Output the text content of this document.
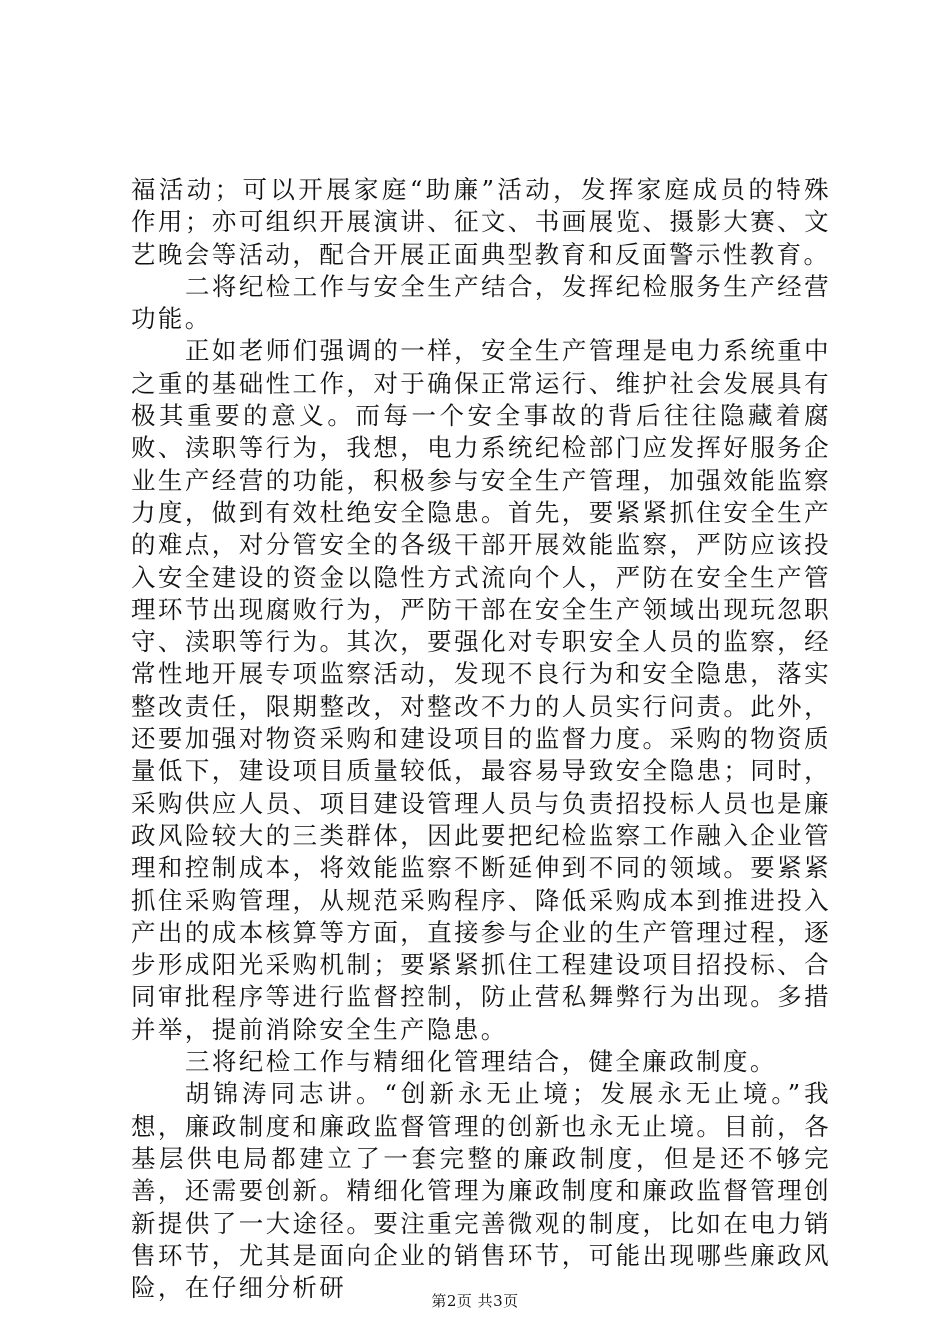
福活动；可以开展家庭“助廉”活动，发挥家庭成员的特殊作用；亦可组织开展演讲、征文、书画展览、摄影大赛、文艺晚会等活动，配合开展正面典型教育和反面警示性教育。

二将纪检工作与安全生产结合，发挥纪检服务生产经营功能。

正如老师们强调的一样，安全生产管理是电力系统重中之重的基础性工作，对于确保正常运行、维护社会发展具有极其重要的意义。而每一个安全事故的背后往往隐藏着腐败、渎职等行为，我想，电力系统纪检部门应发挥好服务企业生产经营的功能，积极参与安全生产管理，加强效能监察力度，做到有效杜绝安全隐患。首先，要紧紧抓住安全生产的难点，对分管安全的各级干部开展效能监察，严防应该投入安全建设的资金以隐性方式流向个人，严防在安全生产管理环节出现腐败行为，严防干部在安全生产领域出现玩忽职守、渎职等行为。其次，要强化对专职安全人员的监察，经常性地开展专项监察活动，发现不良行为和安全隐患，落实整改责任，限期整改，对整改不力的人员实行问责。此外，还要加强对物资采购和建设项目的监督力度。采购的物资质量低下，建设项目质量较低，最容易导致安全隐患；同时，采购供应人员、项目建设管理人员与负责招投标人员也是廉政风险较大的三类群体，因此要把纪检监察工作融入企业管理和控制成本，将效能监察不断延伸到不同的领域。要紧紧抓住采购管理，从规范采购程序、降低采购成本到推进投入产出的成本核算等方面，直接参与企业的生产管理过程，逐步形成阳光采购机制；要紧紧抓住工程建设项目招投标、合同审批程序等进行监督控制，防止营私舞弊行为出现。多措并举，提前消除安全生产隐患。

三将纪检工作与精细化管理结合，健全廉政制度。

胡锦涛同志讲。“创新永无止境；发展永无止境。”我想，廉政制度和廉政监督管理的创新也永无止境。目前，各基层供电局都建立了一套完整的廉政制度，但是还不够完善，还需要创新。精细化管理为廉政制度和廉政监督管理创新提供了一大途径。要注重完善微观的制度，比如在电力销售环节，尤其是面向企业的销售环节，可能出现哪些廉政风险，在仔细分析研	第2页 共3页
